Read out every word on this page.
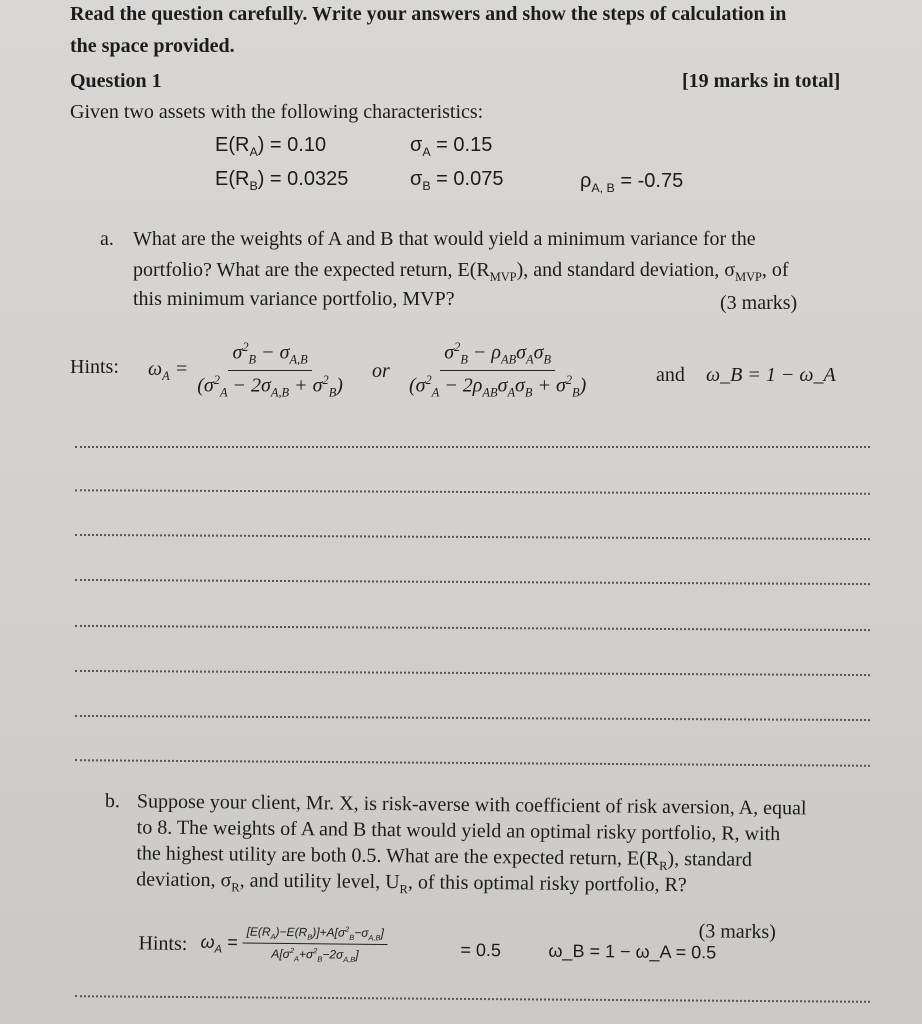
Read the question carefully. Write your answers and show the steps of calculation in
the space provided.
Question 1	[19 marks in total]
Given two assets with the following characteristics:
$E(R_A) = 0.10$	$\sigma_A = 0.15$
$E(R_B) = 0.0325$	$\sigma_B = 0.075$	$\rho_{A, B} = -0.75$
a. What are the weights of A and B that would yield a minimum variance for the
portfolio? What are the expected return, $E(R_{MVP})$, and standard deviation, $\sigma_{MVP}$, of
this minimum variance portfolio, MVP?	(3 marks)
Hints: $\omega_A = \frac{\sigma^2_B - \sigma_{A,B}}{(\sigma^2_A - 2\sigma_{A,B} + \sigma^2_B)}$ or $\frac{\sigma^2_B - \rho_{AB}\sigma_A\sigma_B}{(\sigma^2_A - 2\rho_{AB}\sigma_A\sigma_B + \sigma^2_B)}$	and ω_B = 1 − ω_A
b. Suppose your client, Mr. X, is risk-averse with coefficient of risk aversion, A, equal
to 8. The weights of A and B that would yield an optimal risky portfolio, R, with
the highest utility are both 0.5. What are the expected return, $E(R_R)$, standard
deviation, $\sigma_R$, and utility level, $U_R$, of this optimal risky portfolio, R?
(3 marks)
Hints: $\omega_A = \frac{[E(R_A)-E(R_B)]+A[\sigma^2_B-\sigma_{A,B}]}{A[\sigma^2_A+\sigma^2_B-2\sigma_{A,B}]}$	= 0.5	ω_B = 1 − ω_A = 0.5
